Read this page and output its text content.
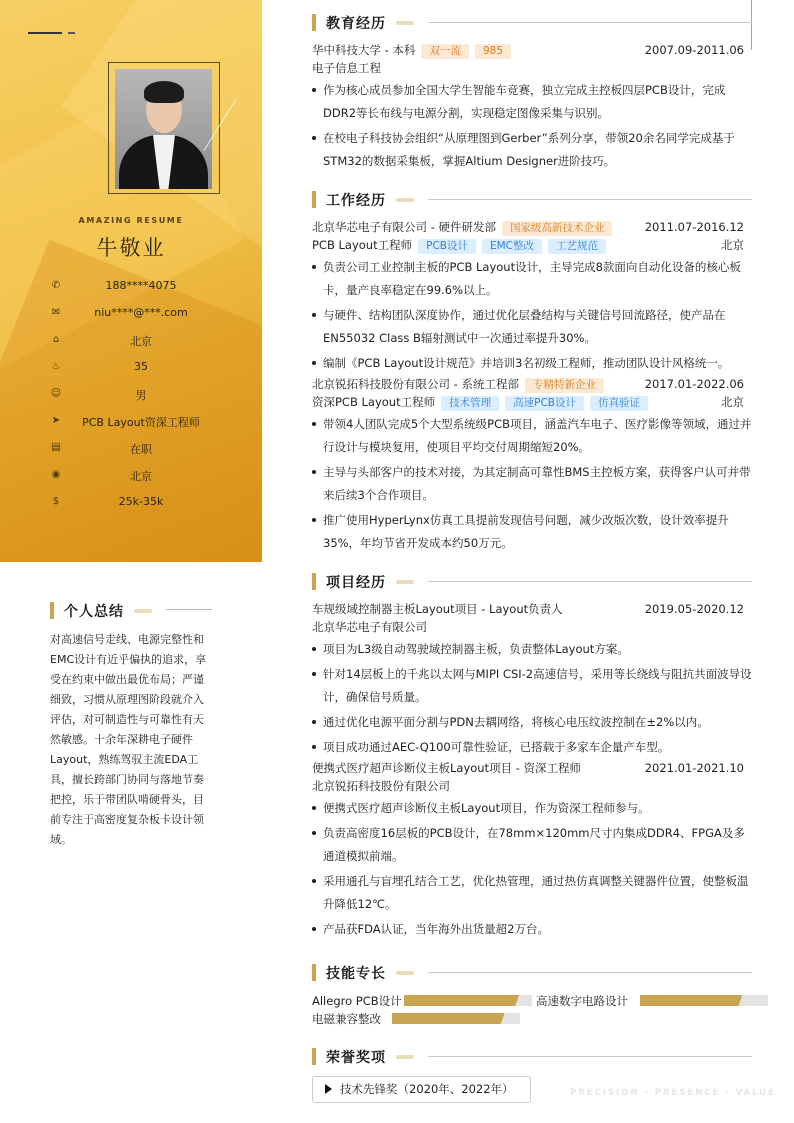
AMAZING RESUME
牛敬业
✆	188****4075
✉	niu****@***.com
⌂	北京
♨	35
☺	男
➤	PCB Layout资深工程师
▤	在职
◉	北京
$	25k-35k
个人总结
对高速信号走线、电源完整性和EMC设计有近乎偏执的追求，享受在约束中做出最优布局；严谨细致，习惯从原理图阶段就介入评估，对可制造性与可靠性有天然敏感。十余年深耕电子硬件Layout，熟练驾驭主流EDA工具，擅长跨部门协同与落地节奏把控，乐于带团队啃硬骨头，目前专注于高密度复杂板卡设计领域。
教育经历
华中科技大学 - 本科 双一流 985	2007.09-2011.06
电子信息工程
作为核心成员参加全国大学生智能车竞赛，独立完成主控板四层PCB设计，完成DDR2等长布线与电源分割，实现稳定图像采集与识别。
在校电子科技协会组织“从原理图到Gerber”系列分享，带领20余名同学完成基于STM32的数据采集板，掌握Altium Designer进阶技巧。
工作经历
北京华芯电子有限公司 - 硬件研发部 国家级高新技术企业	2011.07-2016.12
PCB Layout工程师 PCB设计 EMC整改 工艺规范	北京
负责公司工业控制主板的PCB Layout设计，主导完成8款面向自动化设备的核心板卡，量产良率稳定在99.6%以上。
与硬件、结构团队深度协作，通过优化层叠结构与关键信号回流路径，使产品在EN55032 Class B辐射测试中一次通过率提升30%。
编制《PCB Layout设计规范》并培训3名初级工程师，推动团队设计风格统一。
北京锐拓科技股份有限公司 - 系统工程部 专精特新企业	2017.01-2022.06
资深PCB Layout工程师 技术管理 高速PCB设计 仿真验证	北京
带领4人团队完成5个大型系统级PCB项目，涵盖汽车电子、医疗影像等领域，通过并行设计与模块复用，使项目平均交付周期缩短20%。
主导与头部客户的技术对接，为其定制高可靠性BMS主控板方案，获得客户认可并带来后续3个合作项目。
推广使用HyperLynx仿真工具提前发现信号问题，减少改版次数，设计效率提升35%，年均节省开发成本约50万元。
项目经历
车规级域控制器主板Layout项目 - Layout负责人	2019.05-2020.12
北京华芯电子有限公司
项目为L3级自动驾驶域控制器主板，负责整体Layout方案。
针对14层板上的千兆以太网与MIPI CSI-2高速信号，采用等长绕线与阻抗共面波导设计，确保信号质量。
通过优化电源平面分割与PDN去耦网络，将核心电压纹波控制在±2%以内。
项目成功通过AEC-Q100可靠性验证，已搭载于多家车企量产车型。
便携式医疗超声诊断仪主板Layout项目 - 资深工程师	2021.01-2021.10
北京锐拓科技股份有限公司
便携式医疗超声诊断仪主板Layout项目，作为资深工程师参与。
负责高密度16层板的PCB设计，在78mm×120mm尺寸内集成DDR4、FPGA及多通道模拟前端。
采用通孔与盲埋孔结合工艺，优化热管理，通过热仿真调整关键器件位置，使整板温升降低12℃。
产品获FDA认证，当年海外出货量超2万台。
技能专长
Allegro PCB设计	高速数字电路设计
电磁兼容整改
荣誉奖项
技术先锋奖（2020年、2022年）	PRECISION · PRESENCE · VALUE
